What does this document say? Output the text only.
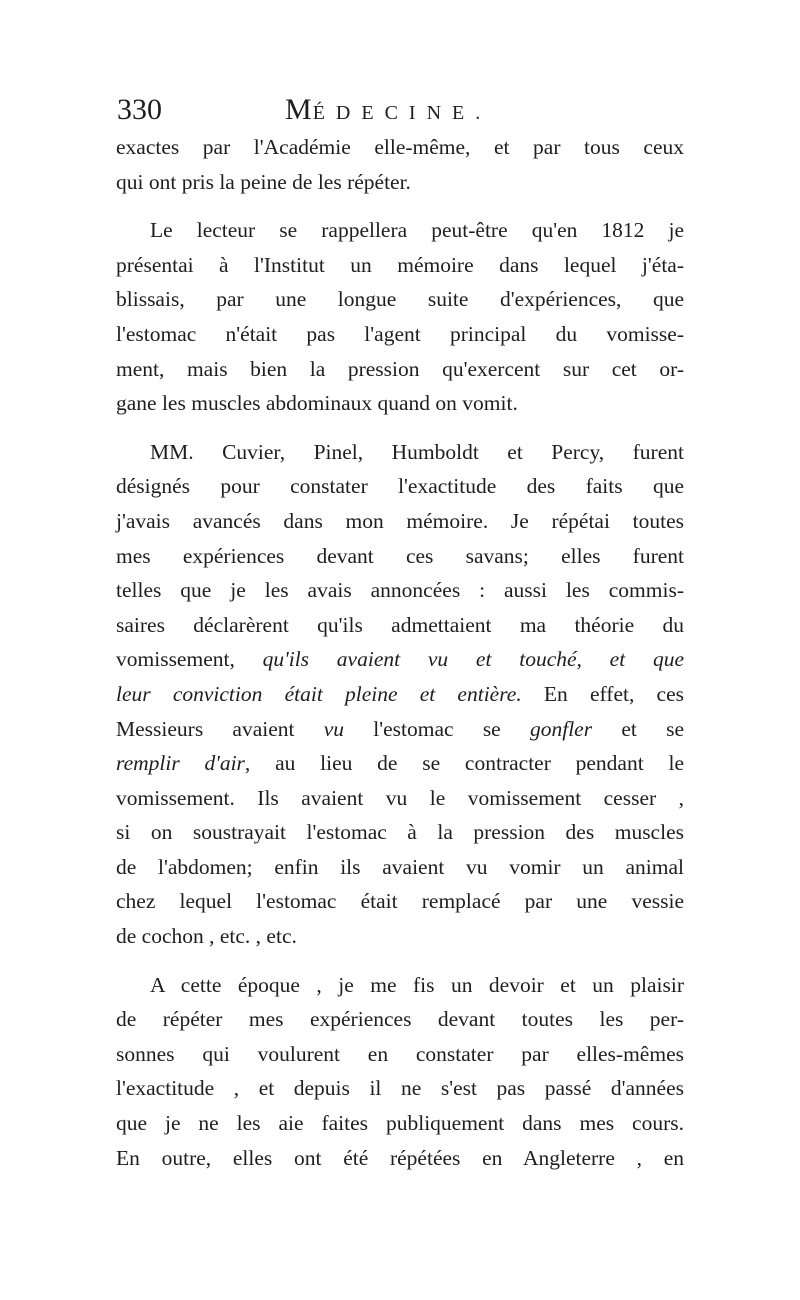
330	MÉDECINE.
exactes par l'Académie elle-même, et par tous ceux
qui ont pris la peine de les répéter.
Le lecteur se rappellera peut-être qu'en 1812 je
présentai à l'Institut un mémoire dans lequel j'éta-
blissais, par une longue suite d'expériences, que
l'estomac n'était pas l'agent principal du vomisse-
ment, mais bien la pression qu'exercent sur cet or-
gane les muscles abdominaux quand on vomit.
MM. Cuvier, Pinel, Humboldt et Percy, furent
désignés pour constater l'exactitude des faits que
j'avais avancés dans mon mémoire. Je répétai toutes
mes expériences devant ces savans; elles furent
telles que je les avais annoncées : aussi les commis-
saires déclarèrent qu'ils admettaient ma théorie du
vomissement, qu'ils avaient vu et touché, et que
leur conviction était pleine et entière. En effet, ces
Messieurs avaient vu l'estomac se gonfler et se
remplir d'air, au lieu de se contracter pendant le
vomissement. Ils avaient vu le vomissement cesser ,
si on soustrayait l'estomac à la pression des muscles
de l'abdomen; enfin ils avaient vu vomir un animal
chez lequel l'estomac était remplacé par une vessie
de cochon , etc. , etc.
A cette époque , je me fis un devoir et un plaisir
de répéter mes expériences devant toutes les per-
sonnes qui voulurent en constater par elles-mêmes
l'exactitude , et depuis il ne s'est pas passé d'années
que je ne les aie faites publiquement dans mes cours.
En outre, elles ont été répétées en Angleterre , en
